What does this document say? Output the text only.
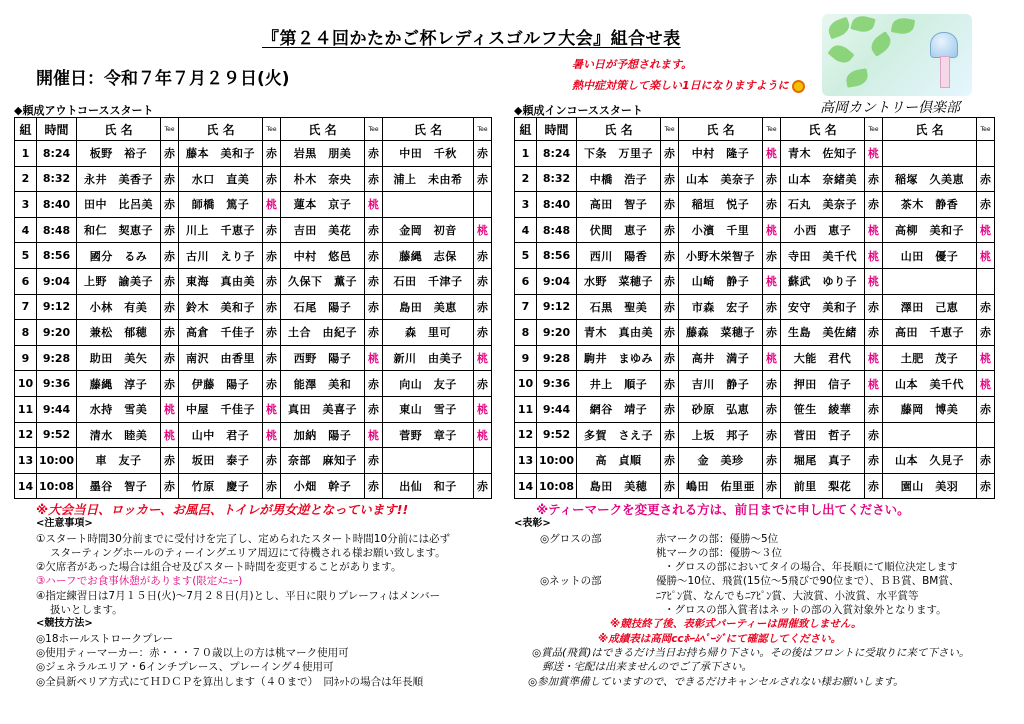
『第２４回かたかご杯レディスゴルフ大会』組合せ表
開催日：令和７年７月２９日(火)
暑い日が予想されます。
熱中症対策して楽しい1日になりますように
◆頼成アウトコーススタート	◆頼成インコーススタート	高岡カントリー倶楽部
組	時間	氏 名	Tee	氏 名	Tee	氏 名	Tee	氏 名	Tee
1	8:24	板野　裕子	赤	藤本　美和子	赤	岩黒　朋美	赤	中田　千秋	赤
2	8:32	永井　美香子	赤	水口　直美	赤	朴木　奈央	赤	浦上　未由希	赤
3	8:40	田中　比呂美	赤	師橋　篤子	桃	蓮本　京子	桃		
4	8:48	和仁　契恵子	赤	川上　千恵子	赤	吉田　美花	赤	金岡　初音	桃
5	8:56	國分　るみ	赤	古川　えり子	赤	中村　悠邑	赤	藤縄　志保	赤
6	9:04	上野　諭美子	赤	東海　真由美	赤	久保下　薫子	赤	石田　千津子	赤
7	9:12	小林　有美	赤	鈴木　美和子	赤	石尾　陽子	赤	島田　美恵	赤
8	9:20	兼松　郁穂	赤	高倉　千佳子	赤	土合　由紀子	赤	森　里可	赤
9	9:28	助田　美矢	赤	南沢　由香里	赤	西野　陽子	桃	新川　由美子	桃
10	9:36	藤縄　淳子	赤	伊藤　陽子	赤	能澤　美和	赤	向山　友子	赤
11	9:44	水持　雪美	桃	中屋　千佳子	桃	真田　美喜子	赤	東山　雪子	桃
12	9:52	清水　睦美	桃	山中　君子	桃	加納　陽子	桃	菅野　章子	桃
13	10:00	車　友子	赤	坂田　泰子	赤	奈部　麻知子	赤		
14	10:08	墨谷　智子	赤	竹原　慶子	赤	小畑　幹子	赤	出仙　和子	赤
組	時間	氏 名	Tee	氏 名	Tee	氏 名	Tee	氏 名	Tee
1	8:24	下条　万里子	赤	中村　隆子	桃	青木　佐知子	桃		
2	8:32	中橋　浩子	赤	山本　美奈子	赤	山本　奈緒美	赤	稲塚　久美恵	赤
3	8:40	高田　智子	赤	稲垣　悦子	赤	石丸　美奈子	赤	茶木　静香	赤
4	8:48	伏間　恵子	赤	小濱　千里	桃	小西　恵子	桃	高柳　美和子	桃
5	8:56	西川　陽香	赤	小野木栄智子	赤	寺田　美千代	桃	山田　優子	桃
6	9:04	水野　菜穂子	赤	山崎　静子	桃	蘇武　ゆり子	桃		
7	9:12	石黒　聖美	赤	市森　宏子	赤	安守　美和子	赤	澤田　己恵	赤
8	9:20	青木　真由美	赤	藤森　菜穂子	赤	生島　美佐緒	赤	高田　千恵子	赤
9	9:28	駒井　まゆみ	赤	高井　満子	桃	大能　君代	桃	土肥　茂子	桃
10	9:36	井上　順子	赤	吉川　静子	赤	押田　信子	桃	山本　美千代	桃
11	9:44	網谷　靖子	赤	砂原　弘恵	赤	笹生　綾華	赤	藤岡　博美	赤
12	9:52	多賀　さえ子	赤	上坂　邦子	赤	菅田　哲子	赤		
13	10:00	高　貞順	赤	金　美珍	赤	堀尾　真子	赤	山本　久見子	赤
14	10:08	島田　美穂	赤	嶋田　佑里亜	赤	前里　梨花	赤	園山　美羽	赤
※大会当日、ロッカー、お風呂、トイレが男女逆となっています!!
<注意事項>
①スタート時間30分前までに受付けを完了し、定められたスタート時間10分前には必ず
スターティングホールのティーイングエリア周辺にて待機される様お願い致します。
②欠席者があった場合は組合せ及びスタート時間を変更することがあります。
③ハーフでお食事休憩があります(限定ﾒﾆｭｰ)
④指定練習日は7月１５日(火)〜7月２８日(月)とし、平日に限りプレーフィはメンバー
扱いとします。
<競技方法>
◎18ホールストロークプレー
◎使用ティーマーカー：赤・・・７０歳以上の方は桃マーク使用可
◎ジェネラルエリア・6インチプレース、プレーイング４使用可
◎全員新ペリア方式にてＨＤＣＰを算出します（４０まで）　同ﾈｯﾄの場合は年長順
※ティーマークを変更される方は、前日までに申し出てください。
<表彰>
◎グロスの部	赤マークの部：優勝〜5位
桃マークの部：優勝〜３位
・グロスの部においてタイの場合、年長順にて順位決定します
◎ネットの部	優勝〜10位、飛賞(15位〜5飛びで90位まで）、ＢＢ賞、BM賞、
ﾆｱﾋﾟﾝ賞、なんでもﾆｱﾋﾟﾝ賞、大波賞、小波賞、水平賞等
・グロスの部入賞者はネットの部の入賞対象外となります。
※競技終了後、表彰式パーティーは開催致しません。
※成績表は高岡ccﾎｰﾑﾍﾟｰｼﾞにて確認してください。
◎賞品(飛賞)はできるだけ当日お持ち帰り下さい。その後はフロントに受取りに来て下さい。
郵送・宅配は出来ませんのでご了承下さい。
◎参加賞準備していますので、できるだけキャンセルされない様お願いします。
